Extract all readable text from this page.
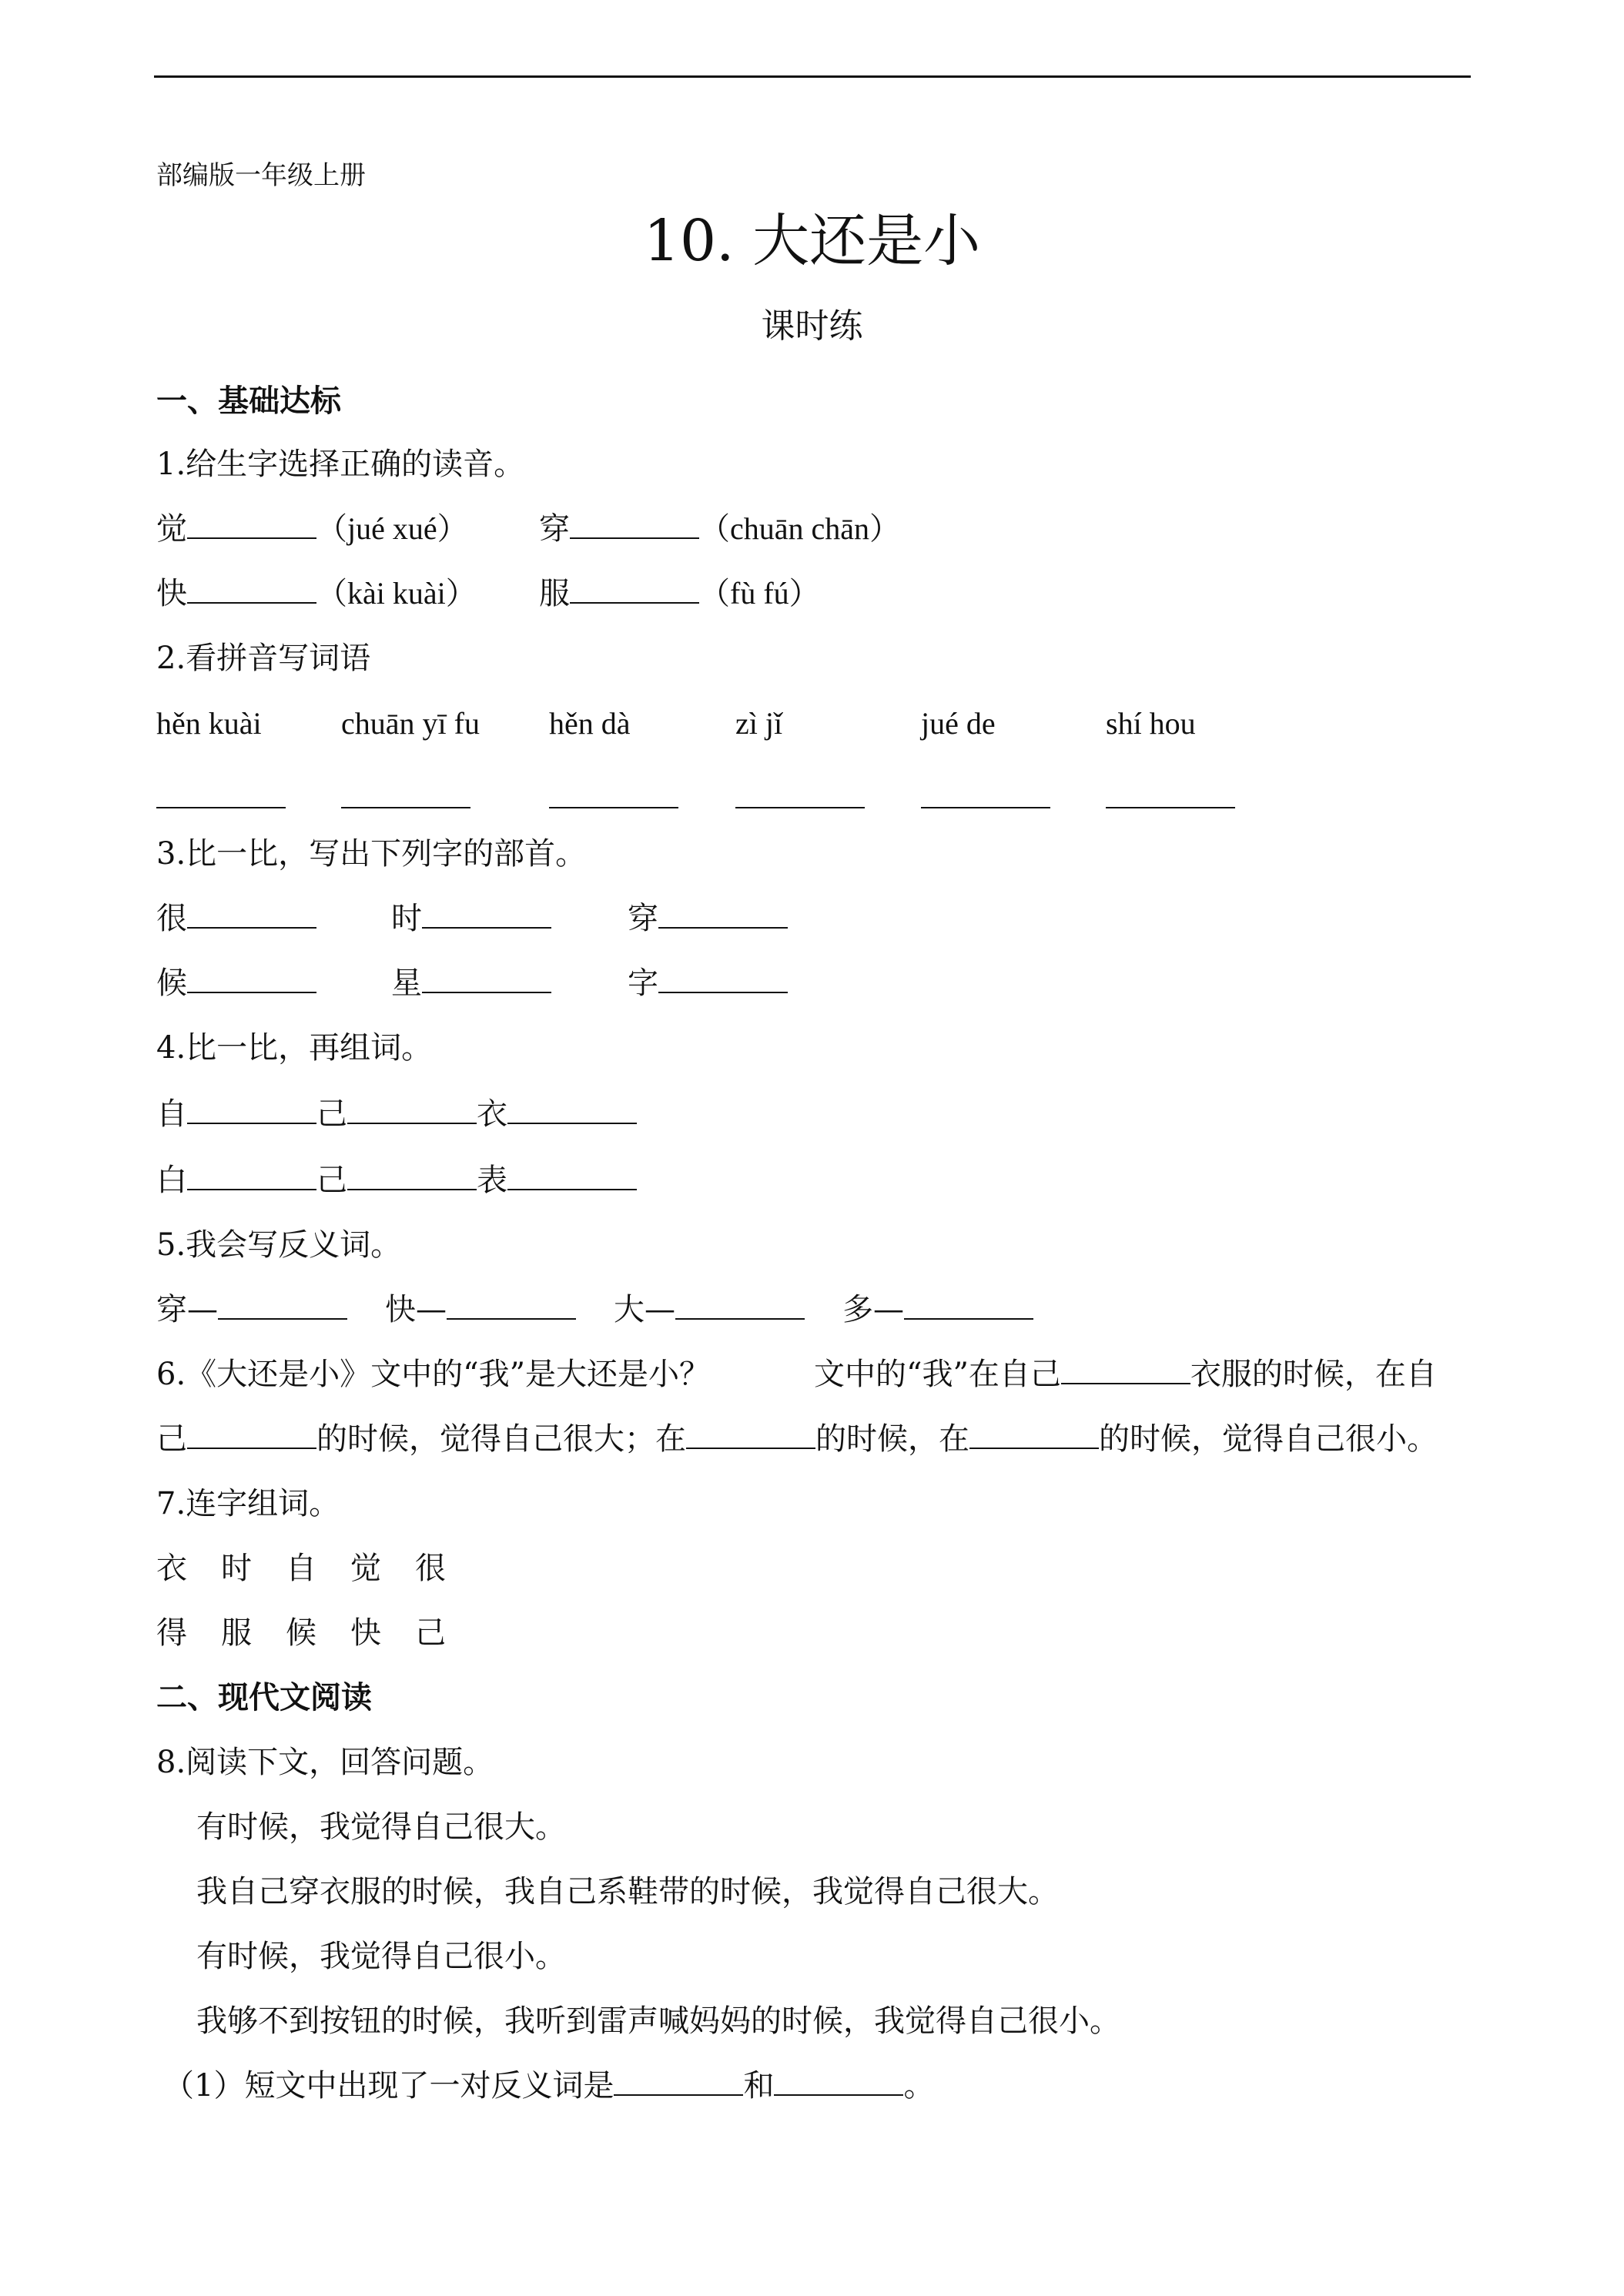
部编版一年级上册
10. 大还是小
课时练
一、基础达标
1.给生字选择正确的读音。
觉	（jué xué） 穿	（chuān chān）
快	（kài kuài） 服	（fù fú）
2.看拼音写词语
hěn kuài	chuān yī fu hěn dà	zì jǐ	jué de	shí hou
3.比一比，写出下列字的部首。
很	时	穿
候	星	字
4.比一比，再组词。
自	己	衣
白	己	表
5.我会写反义词。
穿—	快—	大—	多—
6.《大还是小》文中的“我”是大还是小？	文中的“我”在自己	衣服的时候，在自
己	的时候，觉得自己很大；在	的时候，在	的时候，觉得自己很小。
7.连字组词。
衣 时 自 觉 很
得 服 候 快 己
二、现代文阅读
8.阅读下文，回答问题。
有时候，我觉得自己很大。
我自己穿衣服的时候，我自己系鞋带的时候，我觉得自己很大。
有时候，我觉得自己很小。
我够不到按钮的时候，我听到雷声喊妈妈的时候，我觉得自己很小。
（1）短文中出现了一对反义词是	和	。
